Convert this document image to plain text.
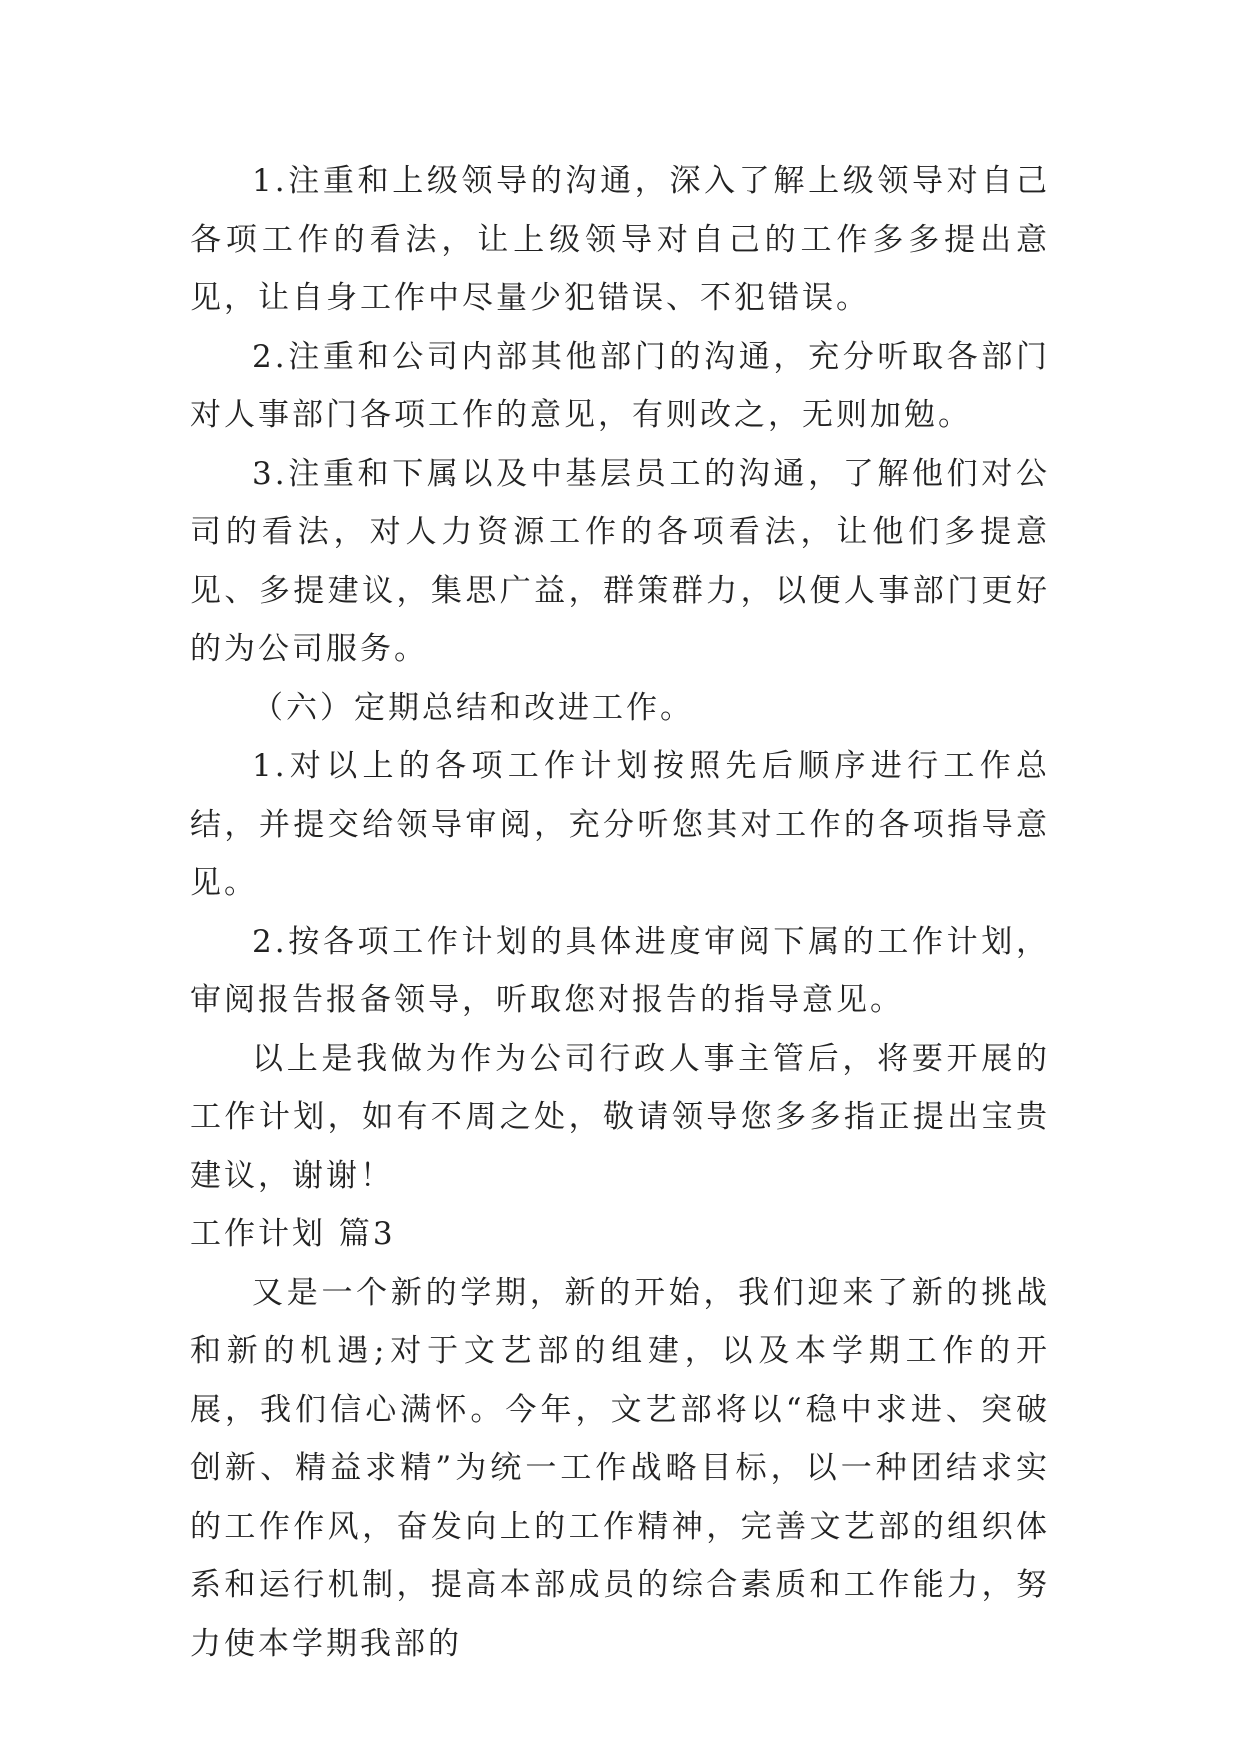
1.注重和上级领导的沟通，深入了解上级领导对自己各项工作的看法，让上级领导对自己的工作多多提出意见，让自身工作中尽量少犯错误、不犯错误。

2.注重和公司内部其他部门的沟通，充分听取各部门对人事部门各项工作的意见，有则改之，无则加勉。

3.注重和下属以及中基层员工的沟通，了解他们对公司的看法，对人力资源工作的各项看法，让他们多提意见、多提建议，集思广益，群策群力，以便人事部门更好的为公司服务。

（六）定期总结和改进工作。

1.对以上的各项工作计划按照先后顺序进行工作总结，并提交给领导审阅，充分听您其对工作的各项指导意见。

2.按各项工作计划的具体进度审阅下属的工作计划，审阅报告报备领导，听取您对报告的指导意见。

以上是我做为作为公司行政人事主管后，将要开展的工作计划，如有不周之处，敬请领导您多多指正提出宝贵建议，谢谢！

工作计划 篇3

又是一个新的学期，新的开始，我们迎来了新的挑战和新的机遇;对于文艺部的组建，以及本学期工作的开展，我们信心满怀。今年，文艺部将以“稳中求进、突破创新、精益求精”为统一工作战略目标，以一种团结求实的工作作风，奋发向上的工作精神，完善文艺部的组织体系和运行机制，提高本部成员的综合素质和工作能力，努力使本学期我部的
